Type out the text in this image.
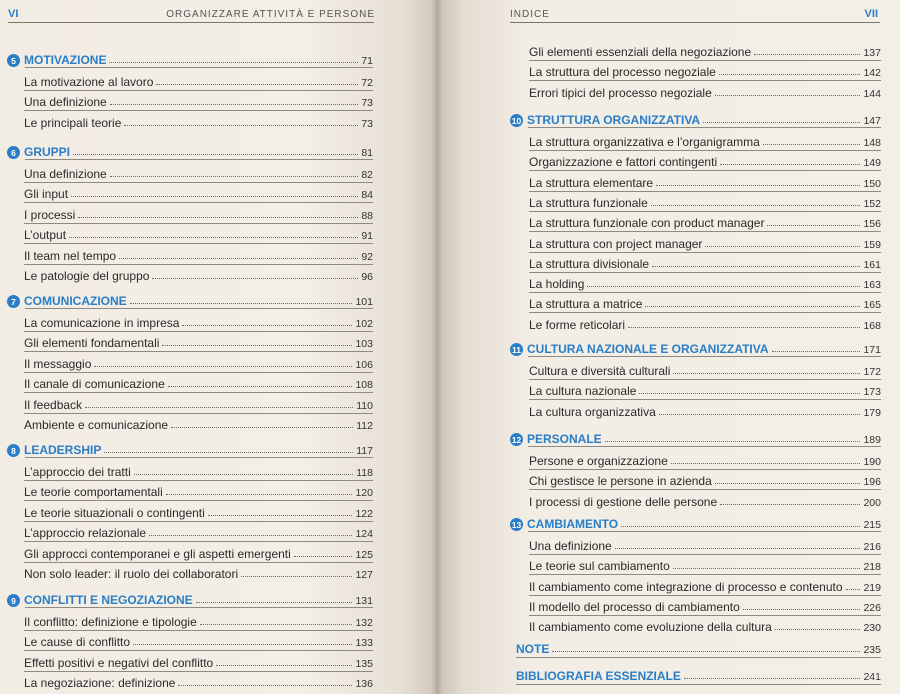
VI	ORGANIZZARE ATTIVITÀ E PERSONE
5 MOTIVAZIONE	71
La motivazione al lavoro	72
Una definizione	73
Le principali teorie	73
6 GRUPPI	81
Una definizione	82
Gli input	84
I processi	88
L’output	91
Il team nel tempo	92
Le patologie del gruppo	96
7 COMUNICAZIONE	101
La comunicazione in impresa	102
Gli elementi fondamentali	103
Il messaggio	106
Il canale di comunicazione	108
Il feedback	110
Ambiente e comunicazione	112
8 LEADERSHIP	117
L’approccio dei tratti	118
Le teorie comportamentali	120
Le teorie situazionali o contingenti	122
L’approccio relazionale	124
Gli approcci contemporanei e gli aspetti emergenti	125
Non solo leader: il ruolo dei collaboratori	127
9 CONFLITTI E NEGOZIAZIONE	131
Il conflitto: definizione e tipologie	132
Le cause di conflitto	133
Effetti positivi e negativi del conflitto	135
La negoziazione: definizione	136
INDICE	VII
Gli elementi essenziali della negoziazione	137
La struttura del processo negoziale	142
Errori tipici del processo negoziale	144
10 STRUTTURA ORGANIZZATIVA	147
La struttura organizzativa e l’organigramma	148
Organizzazione e fattori contingenti	149
La struttura elementare	150
La struttura funzionale	152
La struttura funzionale con product manager	156
La struttura con project manager	159
La struttura divisionale	161
La holding	163
La struttura a matrice	165
Le forme reticolari	168
11 CULTURA NAZIONALE E ORGANIZZATIVA	171
Cultura e diversità culturali	172
La cultura nazionale	173
La cultura organizzativa	179
12 PERSONALE	189
Persone e organizzazione	190
Chi gestisce le persone in azienda	196
I processi di gestione delle persone	200
13 CAMBIAMENTO	215
Una definizione	216
Le teorie sul cambiamento	218
Il cambiamento come integrazione di processo e contenuto 219
Il modello del processo di cambiamento	226
Il cambiamento come evoluzione della cultura	230
NOTE	235
BIBLIOGRAFIA ESSENZIALE	241
